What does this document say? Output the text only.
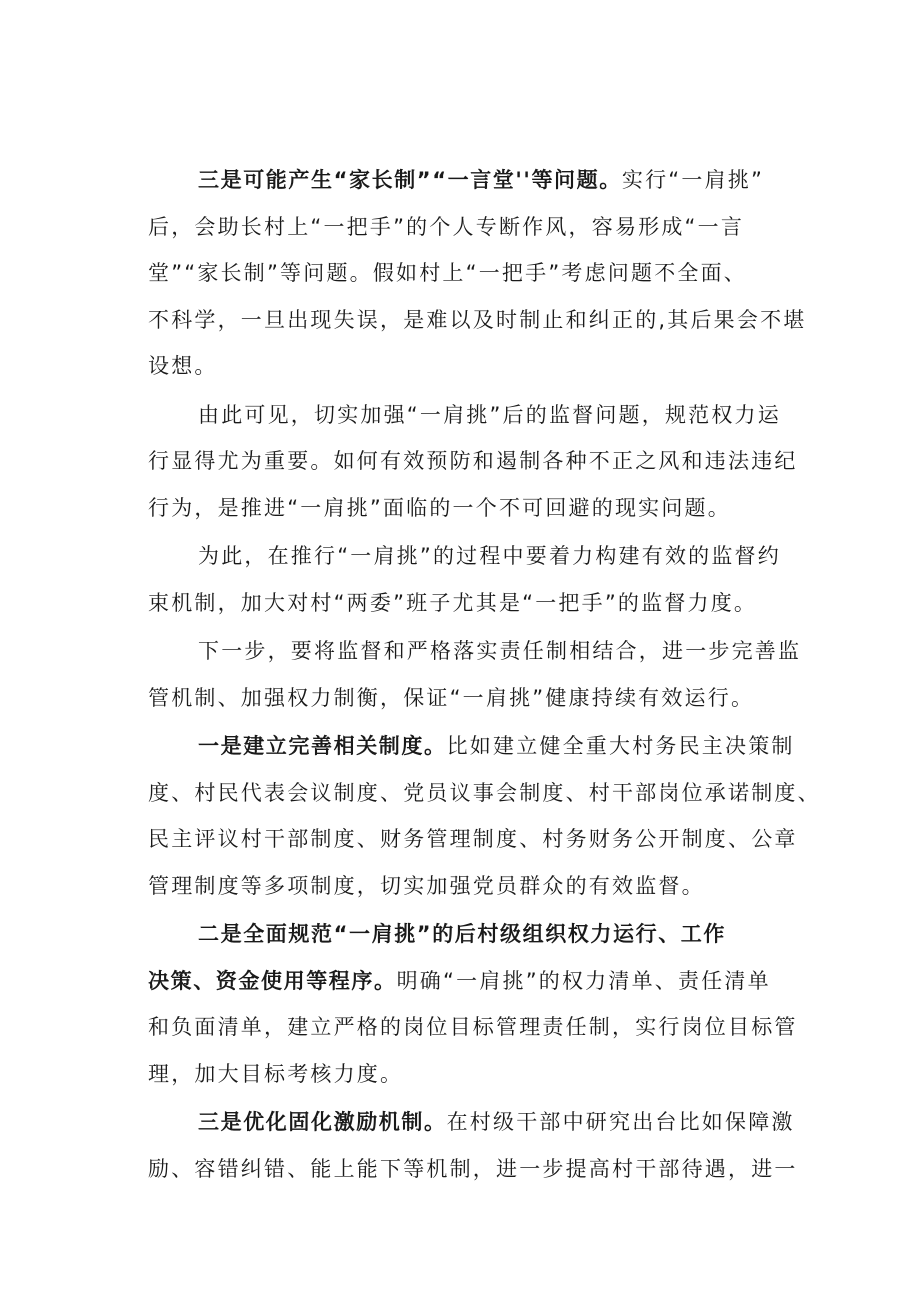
三是可能产生“家长制”“一言堂''等问题。实行“一肩挑”
后，会助长村上“一把手”的个人专断作风，容易形成“一言
堂”“家长制”等问题。假如村上“一把手”考虑问题不全面、
不科学，一旦出现失误，是难以及时制止和纠正的,其后果会不堪
设想。
由此可见，切实加强“一肩挑”后的监督问题，规范权力运
行显得尤为重要。如何有效预防和遏制各种不正之风和违法违纪
行为，是推进“一肩挑”面临的一个不可回避的现实问题。
为此，在推行“一肩挑”的过程中要着力构建有效的监督约
束机制，加大对村“两委”班子尤其是“一把手”的监督力度。
下一步，要将监督和严格落实责任制相结合，进一步完善监
管机制、加强权力制衡，保证“一肩挑”健康持续有效运行。
一是建立完善相关制度。比如建立健全重大村务民主决策制
度、村民代表会议制度、党员议事会制度、村干部岗位承诺制度、
民主评议村干部制度、财务管理制度、村务财务公开制度、公章
管理制度等多项制度，切实加强党员群众的有效监督。
二是全面规范“一肩挑”的后村级组织权力运行、工作
决策、资金使用等程序。明确“一肩挑”的权力清单、责任清单
和负面清单，建立严格的岗位目标管理责任制，实行岗位目标管
理，加大目标考核力度。
三是优化固化激励机制。在村级干部中研究出台比如保障激
励、容错纠错、能上能下等机制，进一步提高村干部待遇，进一
